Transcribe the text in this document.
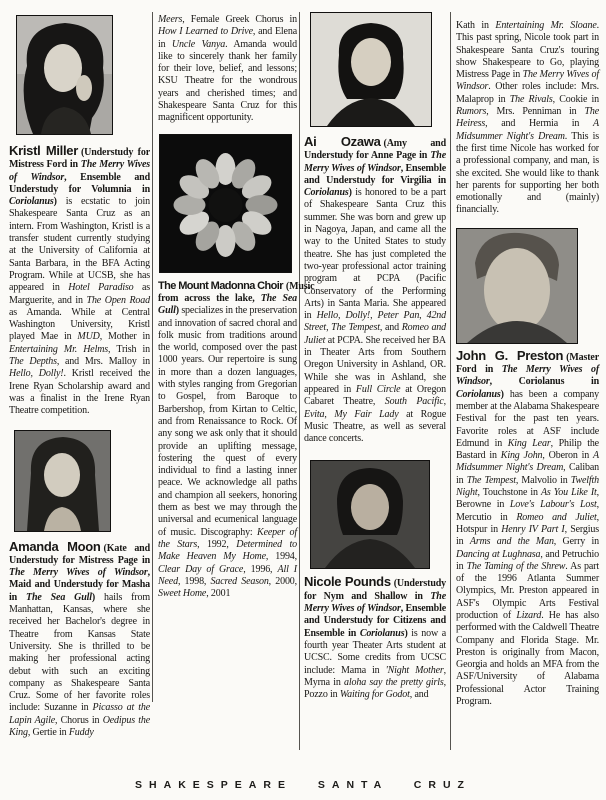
Kristl Miller (Understudy for Mistress Ford in The Merry Wives of Windsor, Ensemble and Understudy for Volumnia in Coriolanus) is ecstatic to join Shakespeare Santa Cruz as an intern. From Washington, Kristl is a transfer student currently studying at the University of California at Santa Barbara, in the BFA Acting Program. While at UCSB, she has appeared in Hotel Paradiso as Marguerite, and in The Open Road as Amanda. While at Central Washington University, Kristl played Mae in MUD, Mother in Entertaining Mr. Helms, Trish in The Depths, and Mrs. Malloy in Hello, Dolly!. Kristl received the Irene Ryan Scholarship award and was a finalist in the Irene Ryan Theatre competition.

Amanda Moon (Kate and Understudy for Mistress Page in The Merry Wives of Windsor, Maid and Understudy for Masha in The Sea Gull) hails from Manhattan, Kansas, where she received her Bachelor's degree in Theatre from Kansas State University. She is thrilled to be making her professional acting debut with such an exciting company as Shakespeare Santa Cruz. Some of her favorite roles include: Suzanne in Picasso at the Lapin Agile, Chorus in Oedipus the King, Gertie in Fuddy

Meers, Female Greek Chorus in How I Learned to Drive, and Elena in Uncle Vanya. Amanda would like to sincerely thank her family for their love, belief, and lessons; KSU Theatre for the wondrous years and cherished times; and Shakespeare Santa Cruz for this magnificent opportunity.

The Mount Madonna Choir (Music from across the lake, The Sea Gull) specializes in the preservation and innovation of sacred choral and folk music from traditions around the world, composed over the past 1000 years. Our repertoire is sung in more than a dozen languages, with styles ranging from Gregorian to Gospel, from Baroque to Barbershop, from Kirtan to Celtic, and from Renaissance to Rock. Of any song we ask only that it should provide an uplifting message, fostering the quest of every individual to find a lasting inner peace. We acknowledge all paths and champion all seekers, honoring them as best we may through the universal and ecumenical language of music. Discography: Keeper of the Stars, 1992, Determined to Make Heaven My Home, 1994, Clear Day of Grace, 1996, All I Need, 1998, Sacred Season, 2000, Sweet Home, 2001

Ai Ozawa (Amy and Understudy for Anne Page in The Merry Wives of Windsor, Ensemble and Understudy for Virgilia in Coriolanus) is honored to be a part of Shakespeare Santa Cruz this summer. She was born and grew up in Nagoya, Japan, and came all the way to the United States to study theatre. She has just completed the two-year professional actor training program at PCPA (Pacific Conservatory of the Performing Arts) in Santa Maria. She appeared in Hello, Dolly!, Peter Pan, 42nd Street, The Tempest, and Romeo and Juliet at PCPA. She received her BA in Theater Arts from Southern Oregon University in Ashland, OR. While she was in Ashland, she appeared in Full Circle at Oregon Cabaret Theatre, South Pacific, Evita, My Fair Lady at Rogue Music Theatre, as well as several dance concerts.

Nicole Pounds (Understudy for Nym and Shallow in The Merry Wives of Windsor, Ensemble and Understudy for Citizens and Ensemble in Coriolanus) is now a fourth year Theater Arts student at UCSC. Some credits from UCSC include: Mama in 'Night Mother, Myrna in aloha say the pretty girls, Pozzo in Waiting for Godot, and

Kath in Entertaining Mr. Sloane. This past spring, Nicole took part in Shakespeare Santa Cruz's touring show Shakespeare to Go, playing Mistress Page in The Merry Wives of Windsor. Other roles include: Mrs. Malaprop in The Rivals, Cookie in Rumors, Mrs. Penniman in The Heiress, and Hermia in A Midsummer Night's Dream. This is the first time Nicole has worked for a professional company, and man, is she excited. She would like to thank her parents for supporting her both emotionally and (mainly) financially.

John G. Preston (Master Ford in The Merry Wives of Windsor, Coriolanus in Coriolanus) has been a company member at the Alabama Shakespeare Festival for the past ten years. Favorite roles at ASF include Edmund in King Lear, Philip the Bastard in King John, Oberon in A Midsummer Night's Dream, Caliban in The Tempest, Malvolio in Twelfth Night, Touchstone in As You Like It, Berowne in Love's Labour's Lost, Mercutio in Romeo and Juliet, Hotspur in Henry IV Part I, Sergius in Arms and the Man, Gerry in Dancing at Lughnasa, and Petruchio in The Taming of the Shrew. As part of the 1996 Atlanta Summer Olympics, Mr. Preston appeared in ASF's Olympic Arts Festival production of Lizard. He has also performed with the Caldwell Theatre Company and Florida Stage. Mr. Preston is originally from Macon, Georgia and holds an MFA from the ASF/University of Alabama Professional Actor Training Program.

SHAKESPEARE SANTA CRUZ
